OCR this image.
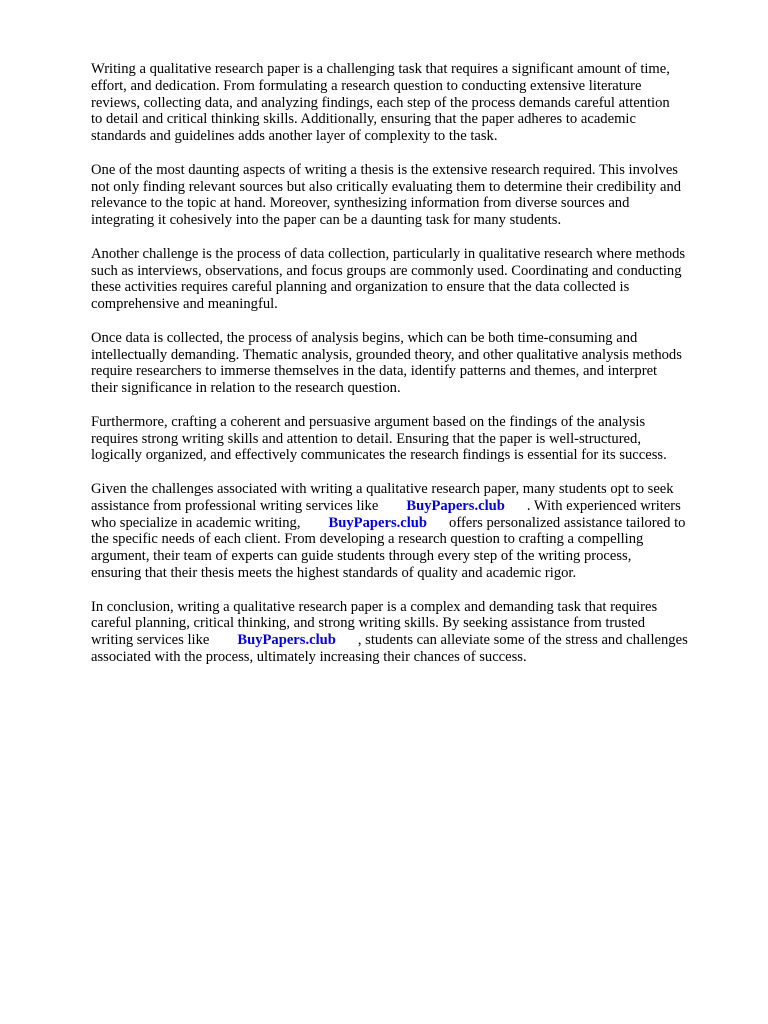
Writing a qualitative research paper is a challenging task that requires a significant amount of time,
effort, and dedication. From formulating a research question to conducting extensive literature
reviews, collecting data, and analyzing findings, each step of the process demands careful attention
to detail and critical thinking skills. Additionally, ensuring that the paper adheres to academic
standards and guidelines adds another layer of complexity to the task.

One of the most daunting aspects of writing a thesis is the extensive research required. This involves
not only finding relevant sources but also critically evaluating them to determine their credibility and
relevance to the topic at hand. Moreover, synthesizing information from diverse sources and
integrating it cohesively into the paper can be a daunting task for many students.

Another challenge is the process of data collection, particularly in qualitative research where methods
such as interviews, observations, and focus groups are commonly used. Coordinating and conducting
these activities requires careful planning and organization to ensure that the data collected is
comprehensive and meaningful.

Once data is collected, the process of analysis begins, which can be both time-consuming and
intellectually demanding. Thematic analysis, grounded theory, and other qualitative analysis methods
require researchers to immerse themselves in the data, identify patterns and themes, and interpret
their significance in relation to the research question.

Furthermore, crafting a coherent and persuasive argument based on the findings of the analysis
requires strong writing skills and attention to detail. Ensuring that the paper is well-structured,
logically organized, and effectively communicates the research findings is essential for its success.

Given the challenges associated with writing a qualitative research paper, many students opt to seek
assistance from professional writing services like BuyPapers.club . With experienced writers
who specialize in academic writing, BuyPapers.club offers personalized assistance tailored to
the specific needs of each client. From developing a research question to crafting a compelling
argument, their team of experts can guide students through every step of the writing process,
ensuring that their thesis meets the highest standards of quality and academic rigor.

In conclusion, writing a qualitative research paper is a complex and demanding task that requires
careful planning, critical thinking, and strong writing skills. By seeking assistance from trusted
writing services like BuyPapers.club , students can alleviate some of the stress and challenges
associated with the process, ultimately increasing their chances of success.
